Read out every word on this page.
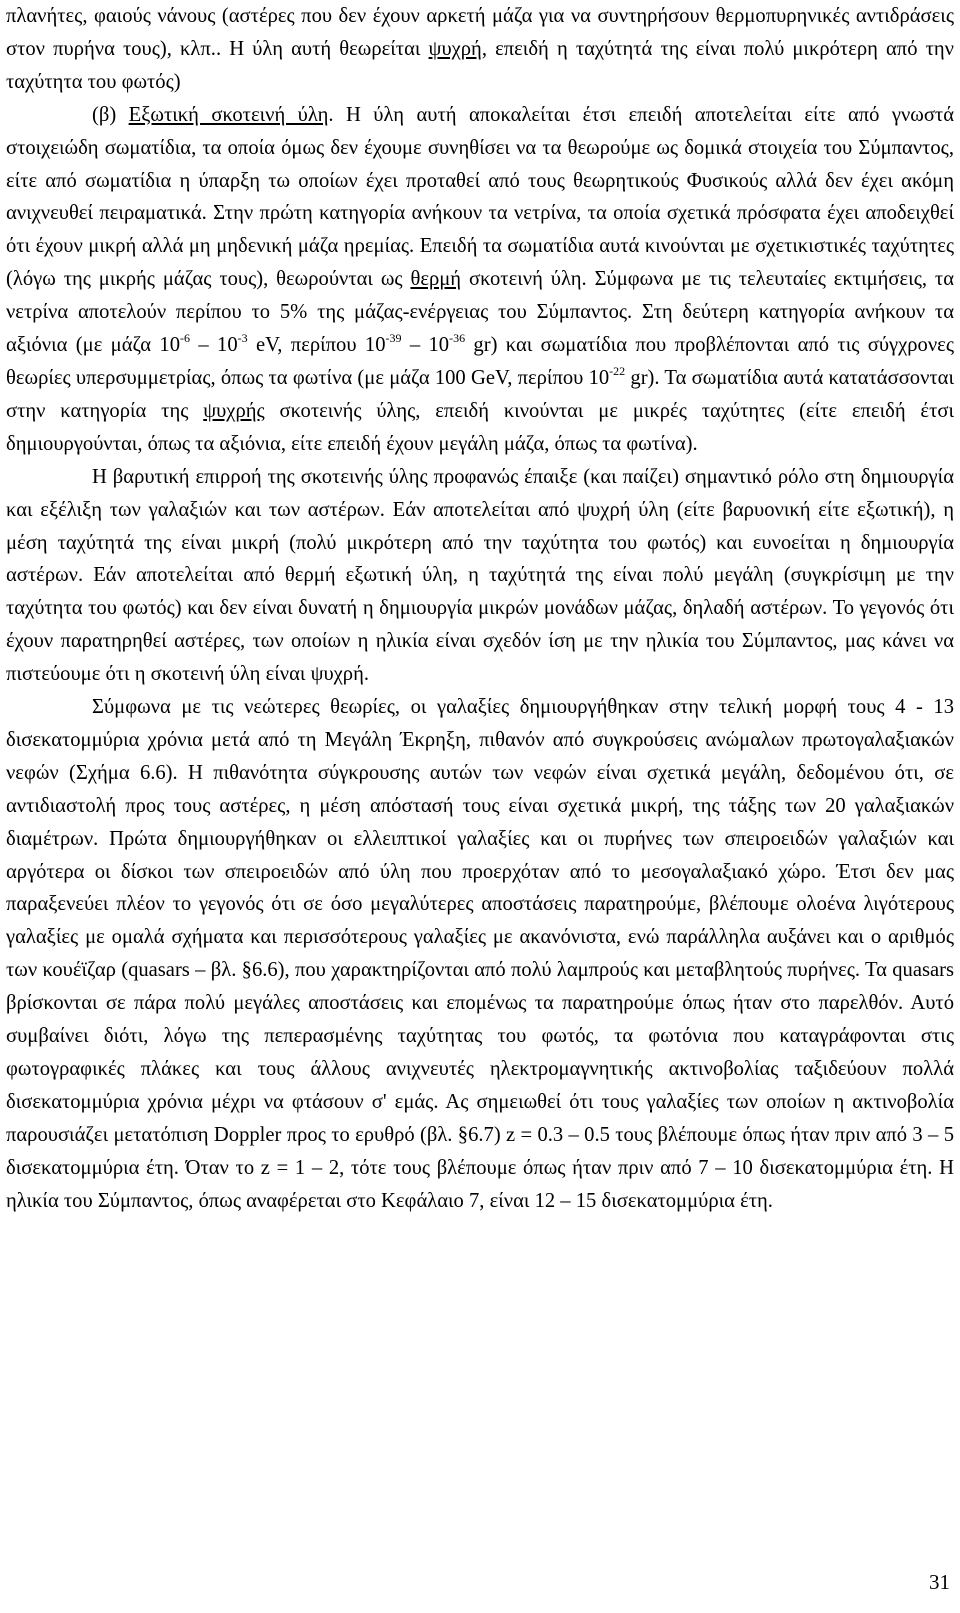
πλανήτες, φαιούς νάνους (αστέρες που δεν έχουν αρκετή μάζα για να συντηρήσουν θερμοπυρηνικές αντιδράσεις στον πυρήνα τους), κλπ.. Η ύλη αυτή θεωρείται ψυχρή, επειδή η ταχύτητά της είναι πολύ μικρότερη από την ταχύτητα του φωτός)

(β) Εξωτική σκοτεινή ύλη. Η ύλη αυτή αποκαλείται έτσι επειδή αποτελείται είτε από γνωστά στοιχειώδη σωματίδια, τα οποία όμως δεν έχουμε συνηθίσει να τα θεωρούμε ως δομικά στοιχεία του Σύμπαντος, είτε από σωματίδια η ύπαρξη τω οποίων έχει προταθεί από τους θεωρητικούς Φυσικούς αλλά δεν έχει ακόμη ανιχνευθεί πειραματικά. Στην πρώτη κατηγορία ανήκουν τα νετρίνα, τα οποία σχετικά πρόσφατα έχει αποδειχθεί ότι έχουν μικρή αλλά μη μηδενική μάζα ηρεμίας. Επειδή τα σωματίδια αυτά κινούνται με σχετικιστικές ταχύτητες (λόγω της μικρής μάζας τους), θεωρούνται ως θερμή σκοτεινή ύλη. Σύμφωνα με τις τελευταίες εκτιμήσεις, τα νετρίνα αποτελούν περίπου το 5% της μάζας-ενέργειας του Σύμπαντος. Στη δεύτερη κατηγορία ανήκουν τα αξιόνια (με μάζα $10^{-6} - 10^{-3}$ eV, περίπου $10^{-39} - 10^{-36}$ gr) και σωματίδια που προβλέπονται από τις σύγχρονες θεωρίες υπερσυμμετρίας, όπως τα φωτίνα (με μάζα 100 GeV, περίπου $10^{-22}$ gr). Τα σωματίδια αυτά κατατάσσονται στην κατηγορία της ψυχρής σκοτεινής ύλης, επειδή κινούνται με μικρές ταχύτητες (είτε επειδή έτσι δημιουργούνται, όπως τα αξιόνια, είτε επειδή έχουν μεγάλη μάζα, όπως τα φωτίνα).

Η βαρυτική επιρροή της σκοτεινής ύλης προφανώς έπαιξε (και παίζει) σημαντικό ρόλο στη δημιουργία και εξέλιξη των γαλαξιών και των αστέρων. Εάν αποτελείται από ψυχρή ύλη (είτε βαρυονική είτε εξωτική), η μέση ταχύτητά της είναι μικρή (πολύ μικρότερη από την ταχύτητα του φωτός) και ευνοείται η δημιουργία αστέρων. Εάν αποτελείται από θερμή εξωτική ύλη, η ταχύτητά της είναι πολύ μεγάλη (συγκρίσιμη με την ταχύτητα του φωτός) και δεν είναι δυνατή η δημιουργία μικρών μονάδων μάζας, δηλαδή αστέρων. Το γεγονός ότι έχουν παρατηρηθεί αστέρες, των οποίων η ηλικία είναι σχεδόν ίση με την ηλικία του Σύμπαντος, μας κάνει να πιστεύουμε ότι η σκοτεινή ύλη είναι ψυχρή.

Σύμφωνα με τις νεώτερες θεωρίες, οι γαλαξίες δημιουργήθηκαν στην τελική μορφή τους 4 - 13 δισεκατομμύρια χρόνια μετά από τη Μεγάλη Έκρηξη, πιθανόν από συγκρούσεις ανώμαλων πρωτογαλαξιακών νεφών (Σχήμα 6.6). Η πιθανότητα σύγκρουσης αυτών των νεφών είναι σχετικά μεγάλη, δεδομένου ότι, σε αντιδιαστολή προς τους αστέρες, η μέση απόστασή τους είναι σχετικά μικρή, της τάξης των 20 γαλαξιακών διαμέτρων. Πρώτα δημιουργήθηκαν οι ελλειπτικοί γαλαξίες και οι πυρήνες των σπειροειδών γαλαξιών και αργότερα οι δίσκοι των σπειροειδών από ύλη που προερχόταν από το μεσογαλαξιακό χώρο. Έτσι δεν μας παραξενεύει πλέον το γεγονός ότι σε όσο μεγαλύτερες αποστάσεις παρατηρούμε, βλέπουμε ολοένα λιγότερους γαλαξίες με ομαλά σχήματα και περισσότερους γαλαξίες με ακανόνιστα, ενώ παράλληλα αυξάνει και ο αριθμός των κουέϊζαρ (quasars – βλ. §6.6), που χαρακτηρίζονται από πολύ λαμπρούς και μεταβλητούς πυρήνες. Τα quasars βρίσκονται σε πάρα πολύ μεγάλες αποστάσεις και επομένως τα παρατηρούμε όπως ήταν στο παρελθόν. Αυτό συμβαίνει διότι, λόγω της πεπερασμένης ταχύτητας του φωτός, τα φωτόνια που καταγράφονται στις φωτογραφικές πλάκες και τους άλλους ανιχνευτές ηλεκτρομαγνητικής ακτινοβολίας ταξιδεύουν πολλά δισεκατομμύρια χρόνια μέχρι να φτάσουν σ' εμάς. Ας σημειωθεί ότι τους γαλαξίες των οποίων η ακτινοβολία παρουσιάζει μετατόπιση Doppler προς το ερυθρό (βλ. §6.7) z = 0.3 – 0.5 τους βλέπουμε όπως ήταν πριν από 3 – 5 δισεκατομμύρια έτη. Όταν το z = 1 – 2, τότε τους βλέπουμε όπως ήταν πριν από 7 – 10 δισεκατομμύρια έτη. Η ηλικία του Σύμπαντος, όπως αναφέρεται στο Κεφάλαιο 7, είναι 12 – 15 δισεκατομμύρια έτη.

31
